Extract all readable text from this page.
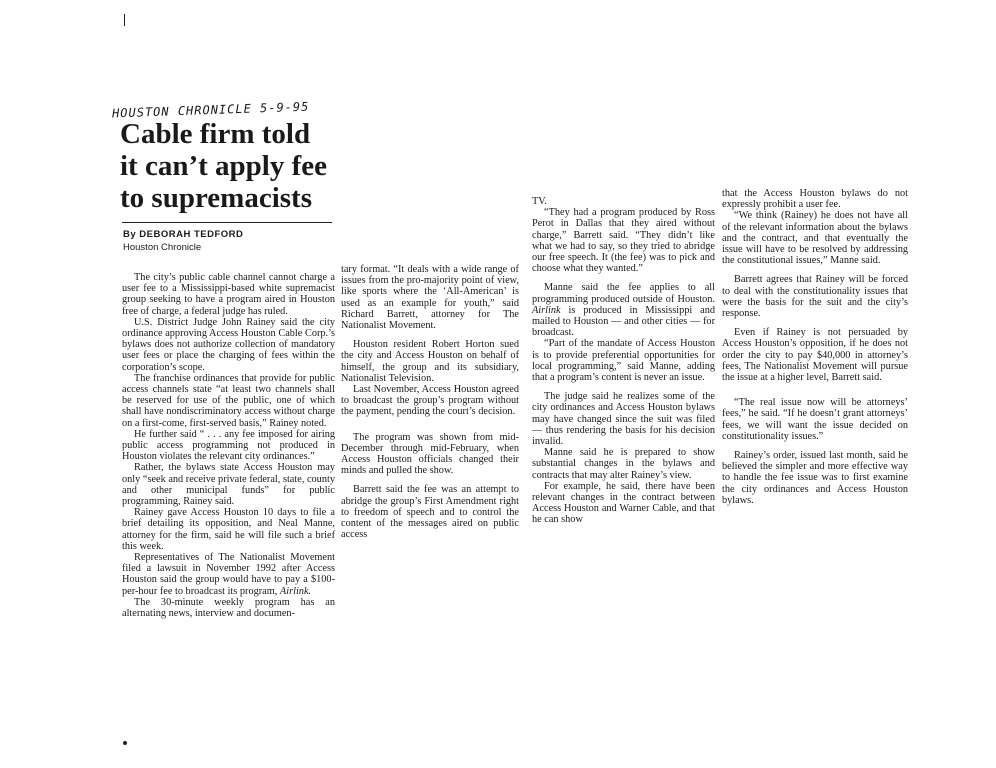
HOUSTON CHRONICLE 5-9-95
Cable firm told
it can’t apply fee
to supremacists
By DEBORAH TEDFORD
Houston Chronicle

The city’s public cable channel cannot charge a user fee to a Mississippi-based white supremacist group seeking to have a program aired in Houston free of charge, a federal judge has ruled.

U.S. District Judge John Rainey said the city ordinance approving Access Houston Cable Corp.’s bylaws does not authorize collection of mandatory user fees or place the charging of fees within the corporation’s scope.

The franchise ordinances that provide for public access channels state “at least two channels shall be reserved for use of the public, one of which shall have nondiscriminatory access without charge on a first-come, first-served basis,” Rainey noted.

He further said “ . . . any fee imposed for airing public access programming not produced in Houston violates the relevant city ordinances.”

Rather, the bylaws state Access Houston may only “seek and receive private federal, state, county and other municipal funds” for public programming, Rainey said.

Rainey gave Access Houston 10 days to file a brief detailing its opposition, and Neal Manne, attorney for the firm, said he will file such a brief this week.

Representatives of The Nationalist Movement filed a lawsuit in November 1992 after Access Houston said the group would have to pay a $100-per-hour fee to broadcast its program, Airlink.

The 30-minute weekly program has an alternating news, interview and documen-

tary format. “It deals with a wide range of issues from the pro-majority point of view, like sports where the ‘All-American’ is used as an example for youth,” said Richard Barrett, attorney for The Nationalist Movement.

Houston resident Robert Horton sued the city and Access Houston on behalf of himself, the group and its subsidiary, Nationalist Television.

Last November, Access Houston agreed to broadcast the group’s program without the payment, pending the court’s decision.

The program was shown from mid-December through mid-February, when Access Houston officials changed their minds and pulled the show.

Barrett said the fee was an attempt to abridge the group’s First Amendment right to freedom of speech and to control the content of the messages aired on public access

TV.

“They had a program produced by Ross Perot in Dallas that they aired without charge,” Barrett said. “They didn’t like what we had to say, so they tried to abridge our free speech. It (the fee) was to pick and choose what they wanted.”

Manne said the fee applies to all programming produced outside of Houston. Airlink is produced in Mississippi and mailed to Houston — and other cities — for broadcast.

“Part of the mandate of Access Houston is to provide preferential opportunities for local programming,” said Manne, adding that a program’s content is never an issue.

The judge said he realizes some of the city ordinances and Access Houston bylaws may have changed since the suit was filed — thus rendering the basis for his decision invalid.

Manne said he is prepared to show substantial changes in the bylaws and contracts that may alter Rainey’s view.

For example, he said, there have been relevant changes in the contract between Access Houston and Warner Cable, and that he can show

that the Access Houston bylaws do not expressly prohibit a user fee.

“We think (Rainey) he does not have all of the relevant information about the bylaws and the contract, and that eventually the issue will have to be resolved by addressing the constitutional issues,” Manne said.

Barrett agrees that Rainey will be forced to deal with the constitutionality issues that were the basis for the suit and the city’s response.

Even if Rainey is not persuaded by Access Houston’s opposition, if he does not order the city to pay $40,000 in attorney’s fees, The Nationalist Movement will pursue the issue at a higher level, Barrett said.

“The real issue now will be attorneys’ fees,” he said. “If he doesn’t grant attorneys’ fees, we will want the issue decided on constitutionality issues.”

Rainey’s order, issued last month, said he believed the simpler and more effective way to handle the fee issue was to first examine the city ordinances and Access Houston bylaws.
